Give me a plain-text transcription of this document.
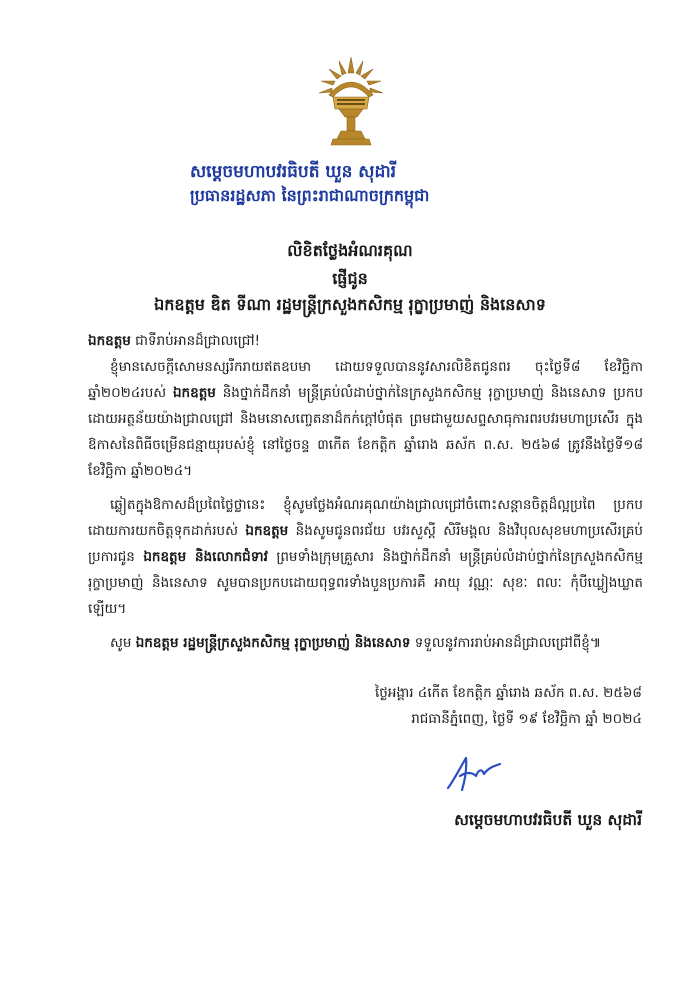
សម្ដេចមហាបវរធិបតី ឃួន សុដារី

ប្រធានរដ្ឋសភា នៃព្រះរាជាណាចក្រកម្ពុជា

លិខិតថ្លែងអំណរគុណ
ផ្ញើជូន
ឯកឧត្តម ឌិត ទីណា រដ្ឋមន្ត្រីក្រសួងកសិកម្ម រុក្ខាប្រមាញ់ និងនេសាទ

ឯកឧត្តម ជាទីរាប់អានដ៏ជ្រាលជ្រៅ!

ខ្ញុំមានសេចក្ដីសោមនស្សរីករាយឥតឧបមា ដោយទទួលបាននូវសារលិខិតជូនពរ ចុះថ្ងៃទី៨ ខែវិច្ឆិកា ឆ្នាំ២០២៤របស់ ឯកឧត្តម និងថ្នាក់ដឹកនាំ មន្ត្រីគ្រប់លំដាប់ថ្នាក់នៃក្រសួងកសិកម្ម រុក្ខាប្រមាញ់ និងនេសាទ ប្រកបដោយអត្ថន័យយ៉ាងជ្រាលជ្រៅ និងមនោសញ្ចេតនាដ៏កក់ក្ដៅបំផុត ព្រមជាមួយសព្ទសាធុការពរបវរមហាប្រសើរ ក្នុងឱកាសនៃពិធីចម្រើនជន្មាយុរបស់ខ្ញុំ នៅថ្ងៃចន្ទ ៣កេីត ខែកត្ដិក ឆ្នាំរោង ឆស័ក ព.ស. ២៥៦៨ ត្រូវនឹងថ្ងៃទី១៨ ខែវិច្ឆិកា ឆ្នាំ២០២៤។

ឆ្លៀតក្នុងឱកាសដ៏ប្រពៃថ្លៃថ្លានេះ ខ្ញុំសូមថ្លែងអំណរគុណយ៉ាងជ្រាលជ្រៅចំពោះសន្ដានចិត្តដ៏ល្អប្រពៃ ប្រកបដោយការយកចិត្តទុកដាក់របស់ ឯកឧត្តម និងសូមជូនពរជ័យ បវរសួស្ដី សិរីមង្គល និងវិបុលសុខមហាប្រសើរគ្រប់ប្រការជូន ឯកឧត្តម និងលោកជំទាវ ព្រមទាំងក្រុមគ្រួសារ និងថ្នាក់ដឹកនាំ មន្ត្រីគ្រប់លំដាប់ថ្នាក់នៃក្រសួងកសិកម្ម រុក្ខាប្រមាញ់ និងនេសាទ សូមបានប្រកបដោយពុទ្ធពរទាំងបួនប្រការគឺ អាយុ វណ្ណៈ សុខៈ ពលៈ កុំបីឃ្លៀងឃ្លាតឡើយ។

សូម ឯកឧត្តម រដ្ឋមន្ត្រីក្រសួងកសិកម្ម រុក្ខាប្រមាញ់ និងនេសាទ ទទួលនូវការរាប់អានដ៏ជ្រាលជ្រៅពីខ្ញុំ៕

ថ្ងៃអង្គារ ៤កេីត ខែកត្ដិក ឆ្នាំរោង ឆស័ក ព.ស. ២៥៦៨
រាជធានីភ្នំពេញ, ថ្ងៃទី ១៩ ខែវិច្ឆិកា ឆ្នាំ ២០២៤
សម្ដេចមហាបវរធិបតី ឃួន សុដារី
